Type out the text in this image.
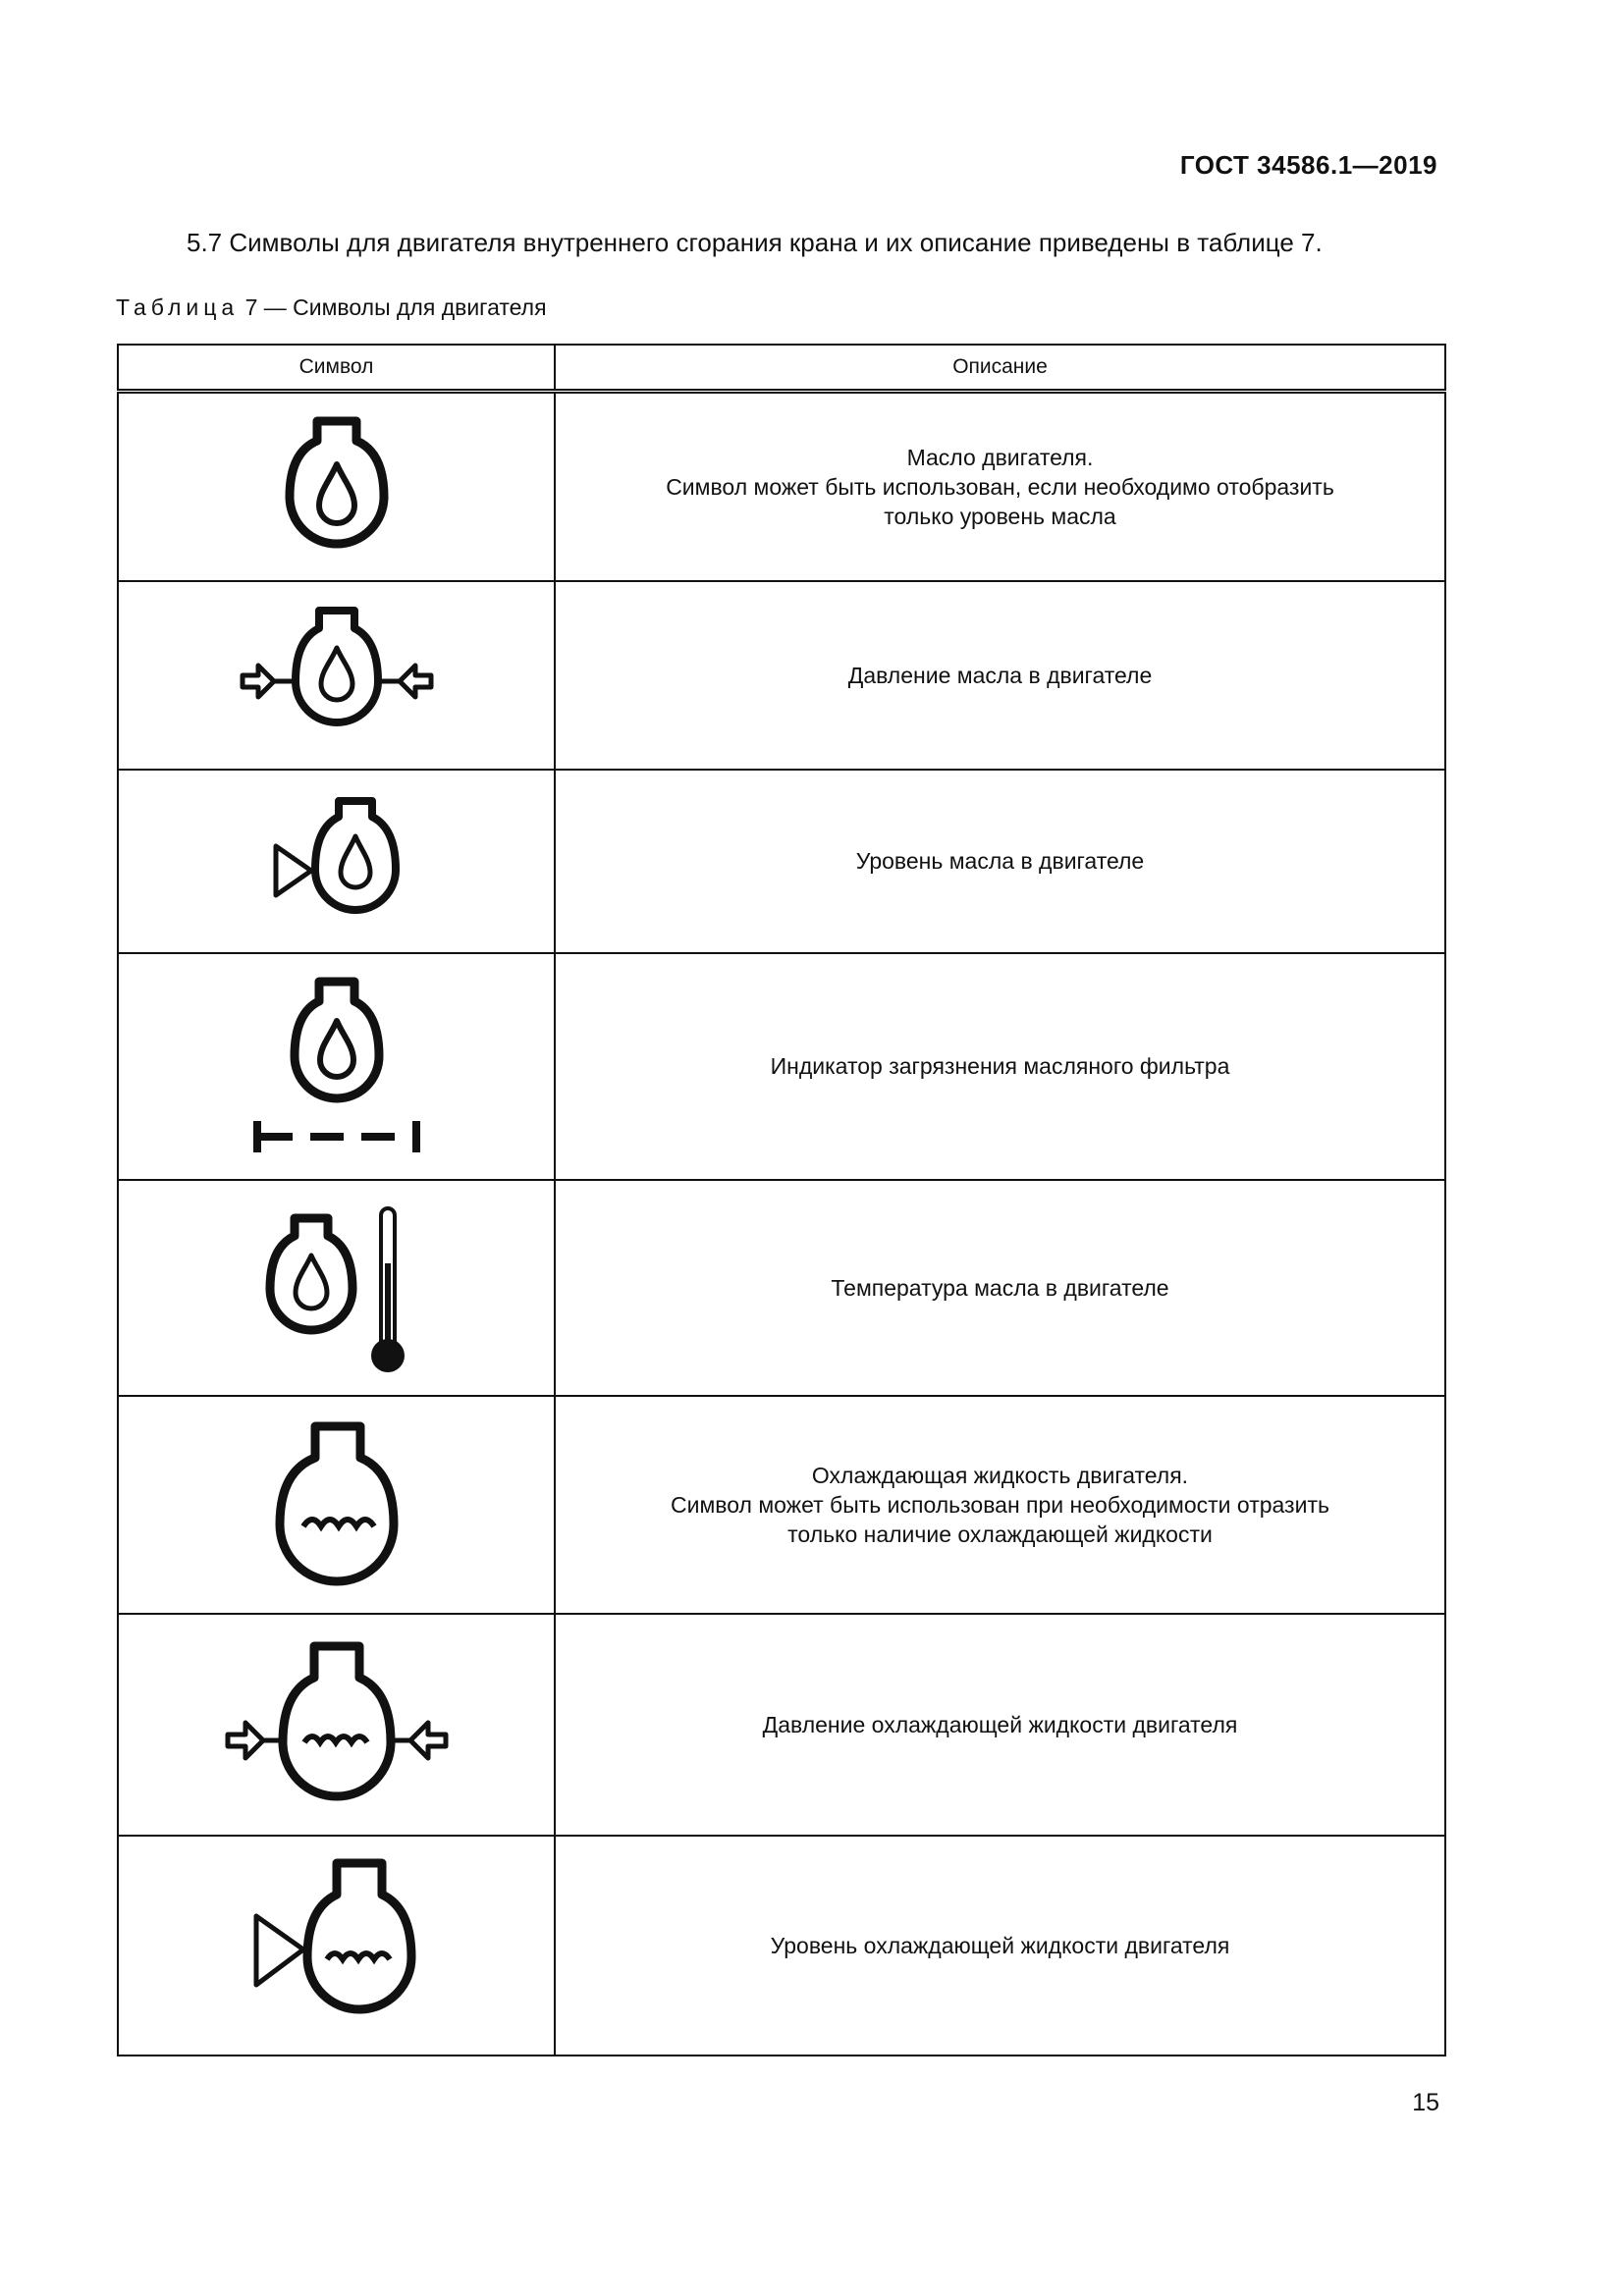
ГОСТ 34586.1—2019
5.7 Символы для двигателя внутреннего сгорания крана и их описание приведены в таблице 7.
Таблица 7 — Символы для двигателя
Символ	Описание

Масло двигателя.
Символ может быть использован, если необходимо отобразить
только уровень масла

Давление масла в двигателе

Уровень масла в двигателе

Индикатор загрязнения масляного фильтра

Температура масла в двигателе

Охлаждающая жидкость двигателя.
Символ может быть использован при необходимости отразить
только наличие охлаждающей жидкости

Давление охлаждающей жидкости двигателя

Уровень охлаждающей жидкости двигателя
15
